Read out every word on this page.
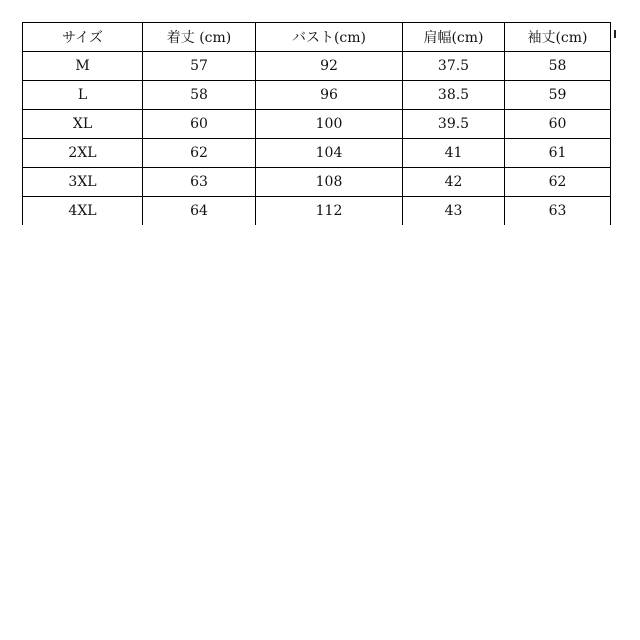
サイズ	着丈 (cm)	バスト(cm)	肩幅(cm)	袖丈(cm)
M	57	92	37.5	58
L	58	96	38.5	59
XL	60	100	39.5	60
2XL	62	104	41	61
3XL	63	108	42	62
4XL	64	112	43	63
